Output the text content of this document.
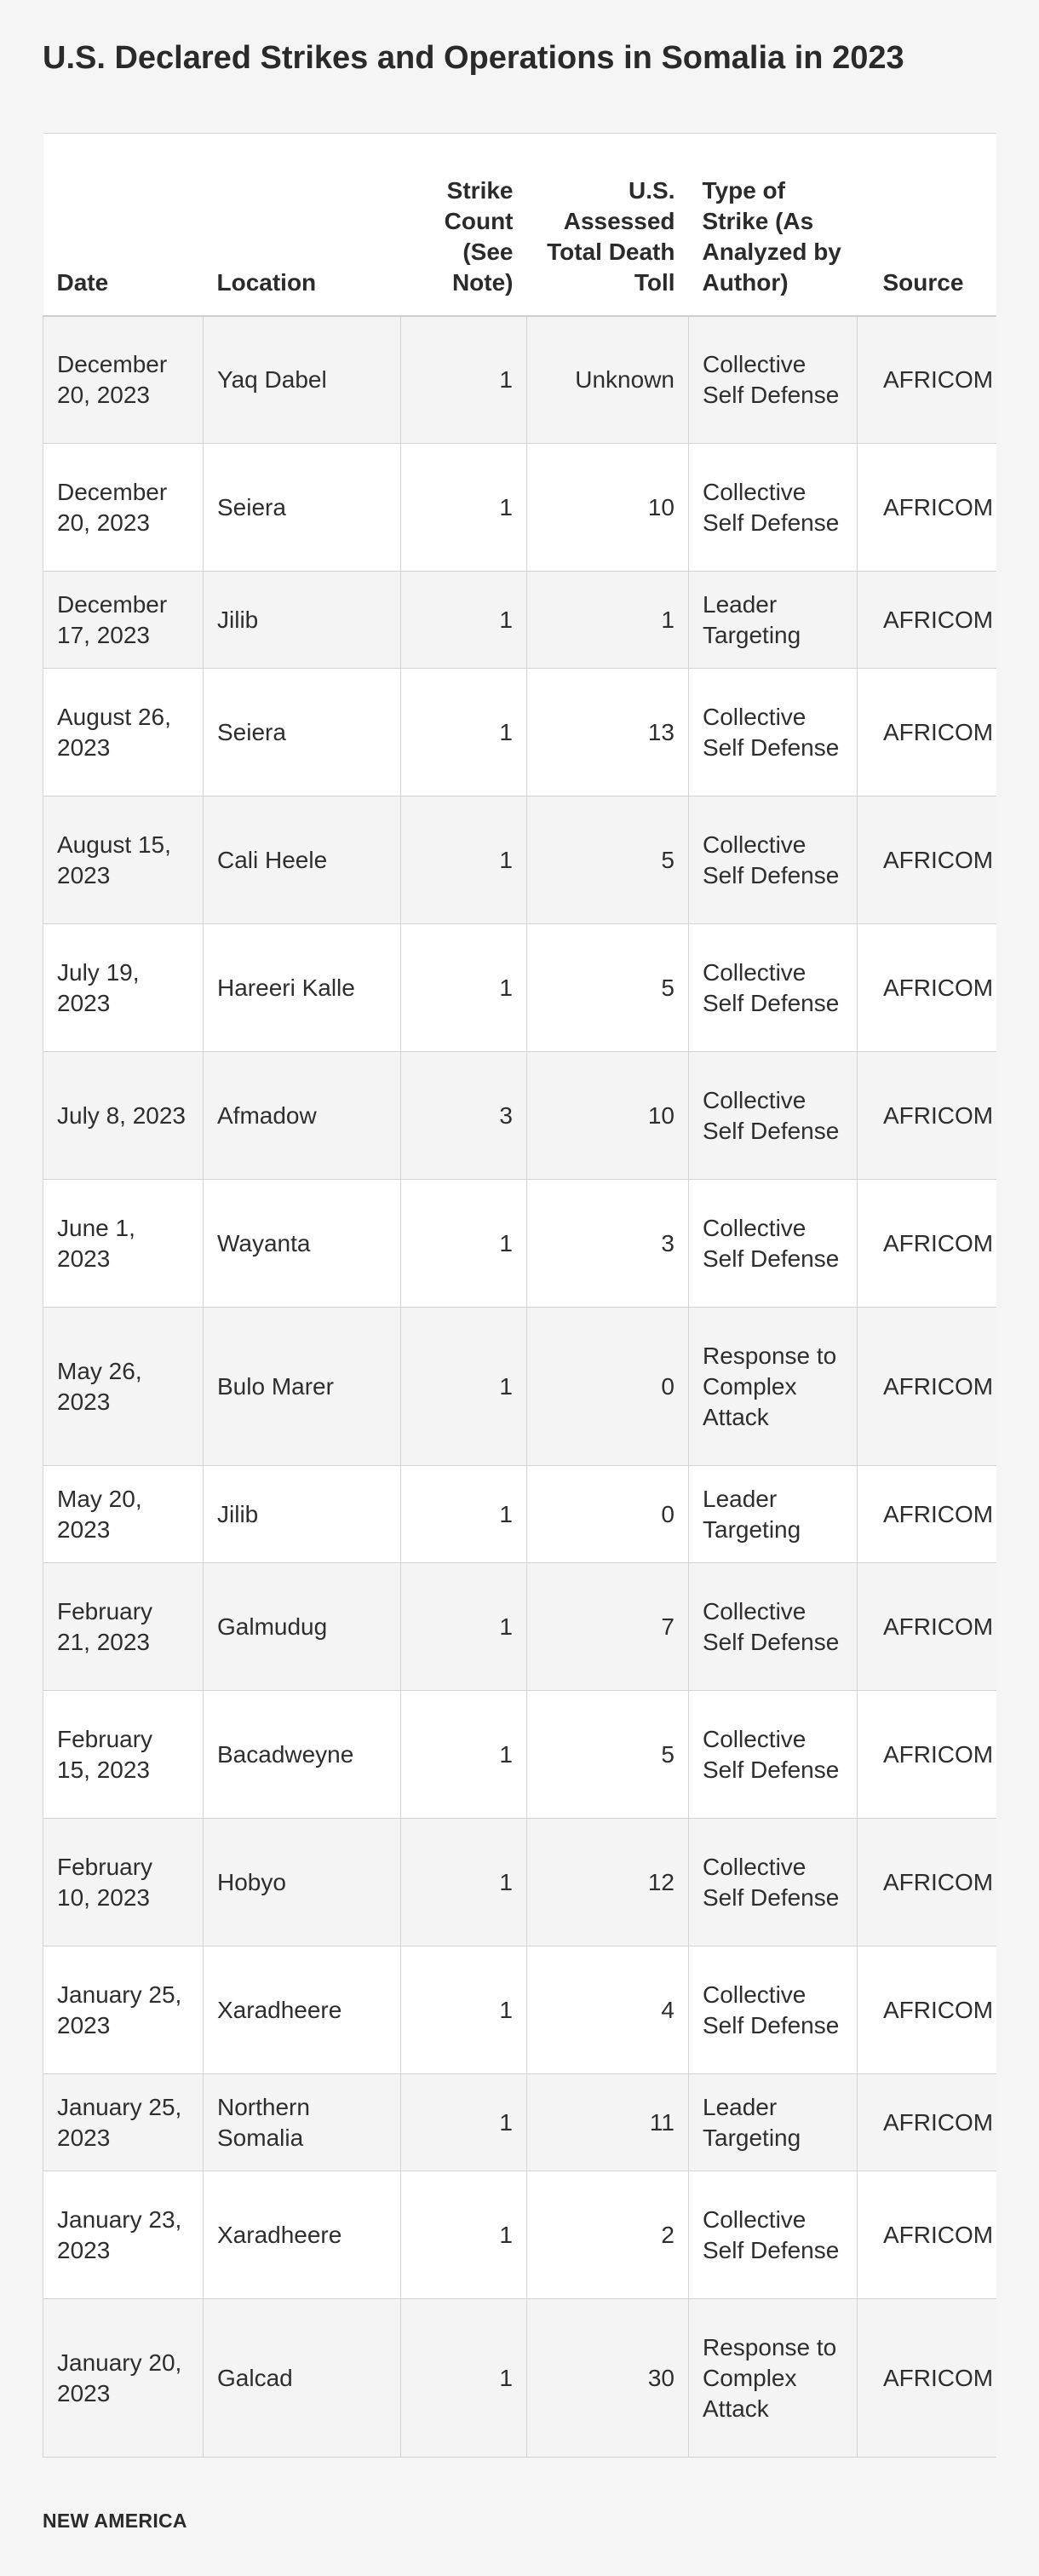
U.S. Declared Strikes and Operations in Somalia in 2023
Date	Location	Strike Count (See Note)	U.S. Assessed Total Death Toll	Type of Strike (As Analyzed by Author)	Source
December 20, 2023	Yaq Dabel	1	Unknown	Collective Self Defense	AFRICOM
December 20, 2023	Seiera	1	10	Collective Self Defense	AFRICOM
December 17, 2023	Jilib	1	1	Leader Targeting	AFRICOM
August 26, 2023	Seiera	1	13	Collective Self Defense	AFRICOM
August 15, 2023	Cali Heele	1	5	Collective Self Defense	AFRICOM
July 19, 2023	Hareeri Kalle	1	5	Collective Self Defense	AFRICOM
July 8, 2023	Afmadow	3	10	Collective Self Defense	AFRICOM
June 1, 2023	Wayanta	1	3	Collective Self Defense	AFRICOM
May 26, 2023	Bulo Marer	1	0	Response to Complex Attack	AFRICOM
May 20, 2023	Jilib	1	0	Leader Targeting	AFRICOM
February 21, 2023	Galmudug	1	7	Collective Self Defense	AFRICOM
February 15, 2023	Bacadweyne	1	5	Collective Self Defense	AFRICOM
February 10, 2023	Hobyo	1	12	Collective Self Defense	AFRICOM
January 25, 2023	Xaradheere	1	4	Collective Self Defense	AFRICOM
January 25, 2023	Northern Somalia	1	11	Leader Targeting	AFRICOM
January 23, 2023	Xaradheere	1	2	Collective Self Defense	AFRICOM
January 20, 2023	Galcad	1	30	Response to Complex Attack	AFRICOM
NEW AMERICA
